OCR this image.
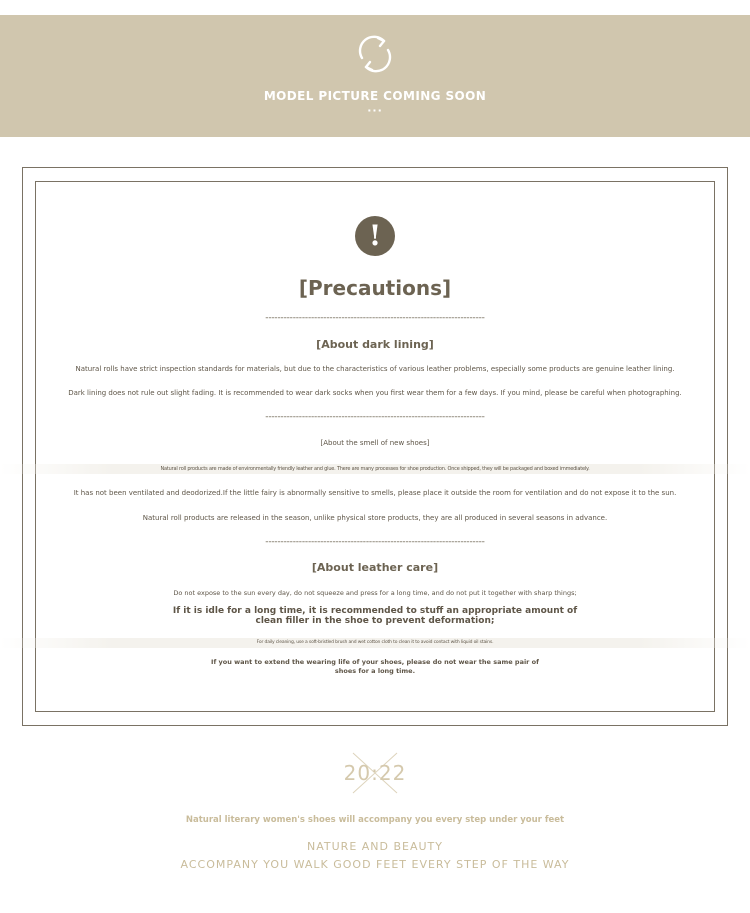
MODEL PICTURE COMING SOON
···
!
[Precautions]
------------------------------------------------------------------------
[About dark lining]
Natural rolls have strict inspection standards for materials, but due to the characteristics of various leather problems, especially some products are genuine leather lining.
Dark lining does not rule out slight fading. It is recommended to wear dark socks when you first wear them for a few days. If you mind, please be careful when photographing.
------------------------------------------------------------------------
[About the smell of new shoes]
Natural roll products are made of environmentally friendly leather and glue. There are many processes for shoe production. Once shipped, they will be packaged and boxed immediately.
It has not been ventilated and deodorized.If the little fairy is abnormally sensitive to smells, please place it outside the room for ventilation and do not expose it to the sun.
Natural roll products are released in the season, unlike physical store products, they are all produced in several seasons in advance.
------------------------------------------------------------------------
[About leather care]
Do not expose to the sun every day, do not squeeze and press for a long time, and do not put it together with sharp things;
If it is idle for a long time, it is recommended to stuff an appropriate amount of clean filler in the shoe to prevent deformation;
For daily cleaning, use a soft-bristled brush and wet cotton cloth to clean it to avoid contact with liquid oil stains.
If you want to extend the wearing life of your shoes, please do not wear the same pair of shoes for a long time.
20:22
Natural literary women's shoes will accompany you every step under your feet
NATURE AND BEAUTY
ACCOMPANY YOU WALK GOOD FEET EVERY STEP OF THE WAY
